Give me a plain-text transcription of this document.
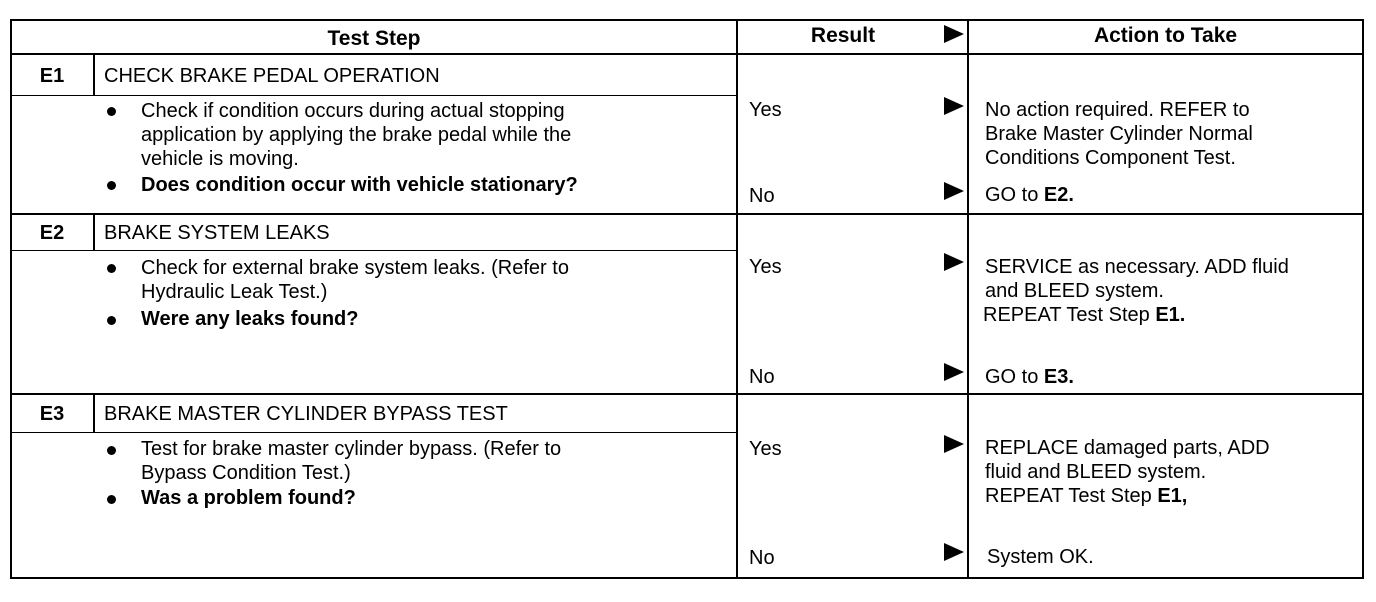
Test Step	Result	Action to Take
E1	CHECK BRAKE PEDAL OPERATION
Check if condition occurs during actual stopping
application by applying the brake pedal while the
vehicle is moving.
Does condition occur with vehicle stationary?
Yes	No action required. REFER to
Brake Master Cylinder Normal
Conditions Component Test.
No	GO to E2.
E2	BRAKE SYSTEM LEAKS
Check for external brake system leaks. (Refer to
Hydraulic Leak Test.)
Were any leaks found?
Yes	SERVICE as necessary. ADD fluid
and BLEED system.
REPEAT Test Step E1.
No	GO to E3.
E3	BRAKE MASTER CYLINDER BYPASS TEST
Test for brake master cylinder bypass. (Refer to
Bypass Condition Test.)
Was a problem found?
Yes	REPLACE damaged parts, ADD
fluid and BLEED system.
REPEAT Test Step E1,
No	System OK.
